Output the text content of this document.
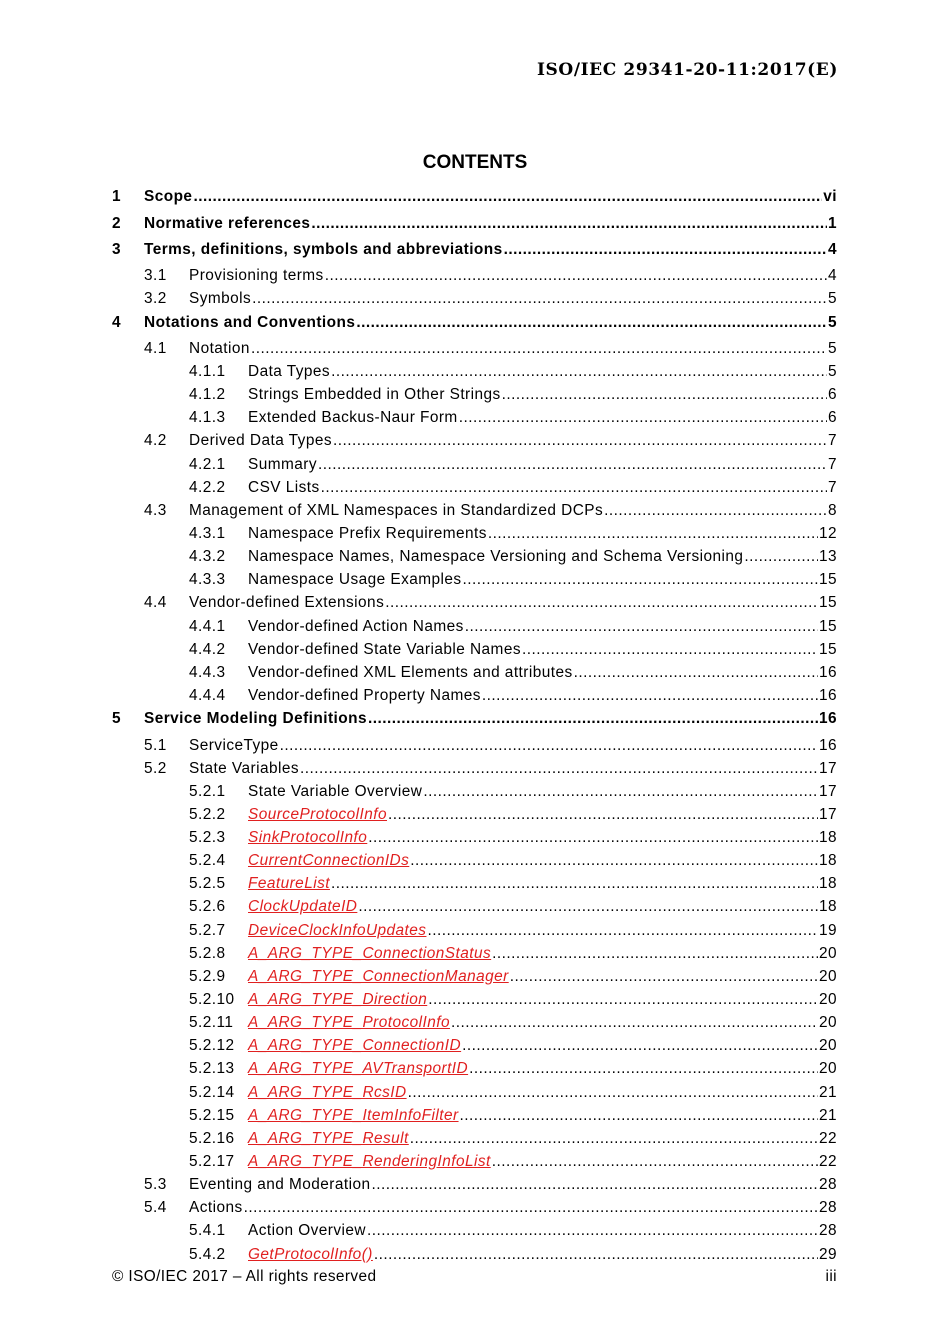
ISO/IEC 29341-20-11:2017(E)
CONTENTS
1	Scope . . .	vi
2	Normative references . . .	1
3	Terms, definitions, symbols and abbreviations . . .	4
3.1	Provisioning terms . . .	4
3.2	Symbols . . .	5
4	Notations and Conventions . . .	5
4.1	Notation . . .	5
4.1.1	Data Types . . .	5
4.1.2	Strings Embedded in Other Strings . . .	6
4.1.3	Extended Backus-Naur Form . . .	6
4.2	Derived Data Types . . .	7
4.2.1	Summary . . .	7
4.2.2	CSV Lists . . .	7
4.3	Management of XML Namespaces in Standardized DCPs . . .	8
4.3.1	Namespace Prefix Requirements . . .	12
4.3.2	Namespace Names, Namespace Versioning and Schema Versioning . . .	13
4.3.3	Namespace Usage Examples . . .	15
4.4	Vendor-defined Extensions . . .	15
4.4.1	Vendor-defined Action Names . . .	15
4.4.2	Vendor-defined State Variable Names . . .	15
4.4.3	Vendor-defined XML Elements and attributes . . .	16
4.4.4	Vendor-defined Property Names . . .	16
5	Service Modeling Definitions . . .	16
5.1	ServiceType . . .	16
5.2	State Variables . . .	17
5.2.1	State Variable Overview . . .	17
5.2.2	SourceProtocolInfo . . .	17
5.2.3	SinkProtocolInfo . . .	18
5.2.4	CurrentConnectionIDs . . .	18
5.2.5	FeatureList . . .	18
5.2.6	ClockUpdateID . . .	18
5.2.7	DeviceClockInfoUpdates . . .	19
5.2.8	A_ARG_TYPE_ConnectionStatus . . .	20
5.2.9	A_ARG_TYPE_ConnectionManager . . .	20
5.2.10 A_ARG_TYPE_Direction . . .	20
5.2.11 A_ARG_TYPE_ProtocolInfo . . .	20
5.2.12 A_ARG_TYPE_ConnectionID . . .	20
5.2.13 A_ARG_TYPE_AVTransportID . . .	20
5.2.14 A_ARG_TYPE_RcsID . . .	21
5.2.15 A_ARG_TYPE_ItemInfoFilter . . .	21
5.2.16 A_ARG_TYPE_Result . . .	22
5.2.17 A_ARG_TYPE_RenderingInfoList . . .	22
5.3	Eventing and Moderation . . .	28
5.4	Actions . . .	28
5.4.1	Action Overview . . .	28
5.4.2	GetProtocolInfo() . . .	29
© ISO/IEC 2017 – All rights reserved	iii
